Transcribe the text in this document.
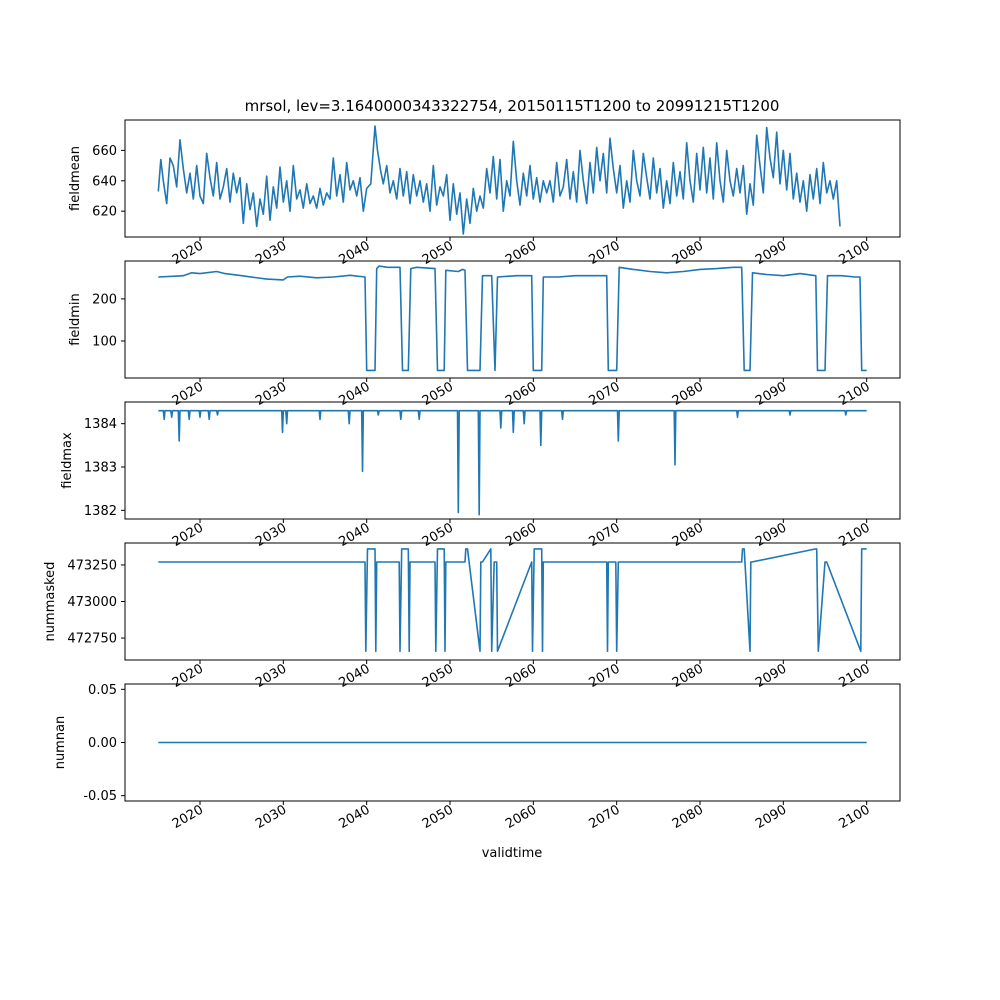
mrsol, lev=3.1640000343322754, 20150115T1200 to 20991215T1200
validtime
620
640
660
fieldmean
2020	2030	2040	2050	2060	2070	2080	2090	2100
100
200
fieldmin
2020	2030	2040	2050	2060	2070	2080	2090	2100
1382
1383
1384
fieldmax
2020	2030	2040	2050	2060	2070	2080	2090	2100
472750
473000
473250
nummasked
2020	2030	2040	2050	2060	2070	2080	2090	2100
-0.05
0.00
0.05
numnan
2020	2030	2040	2050	2060	2070	2080	2090	2100
